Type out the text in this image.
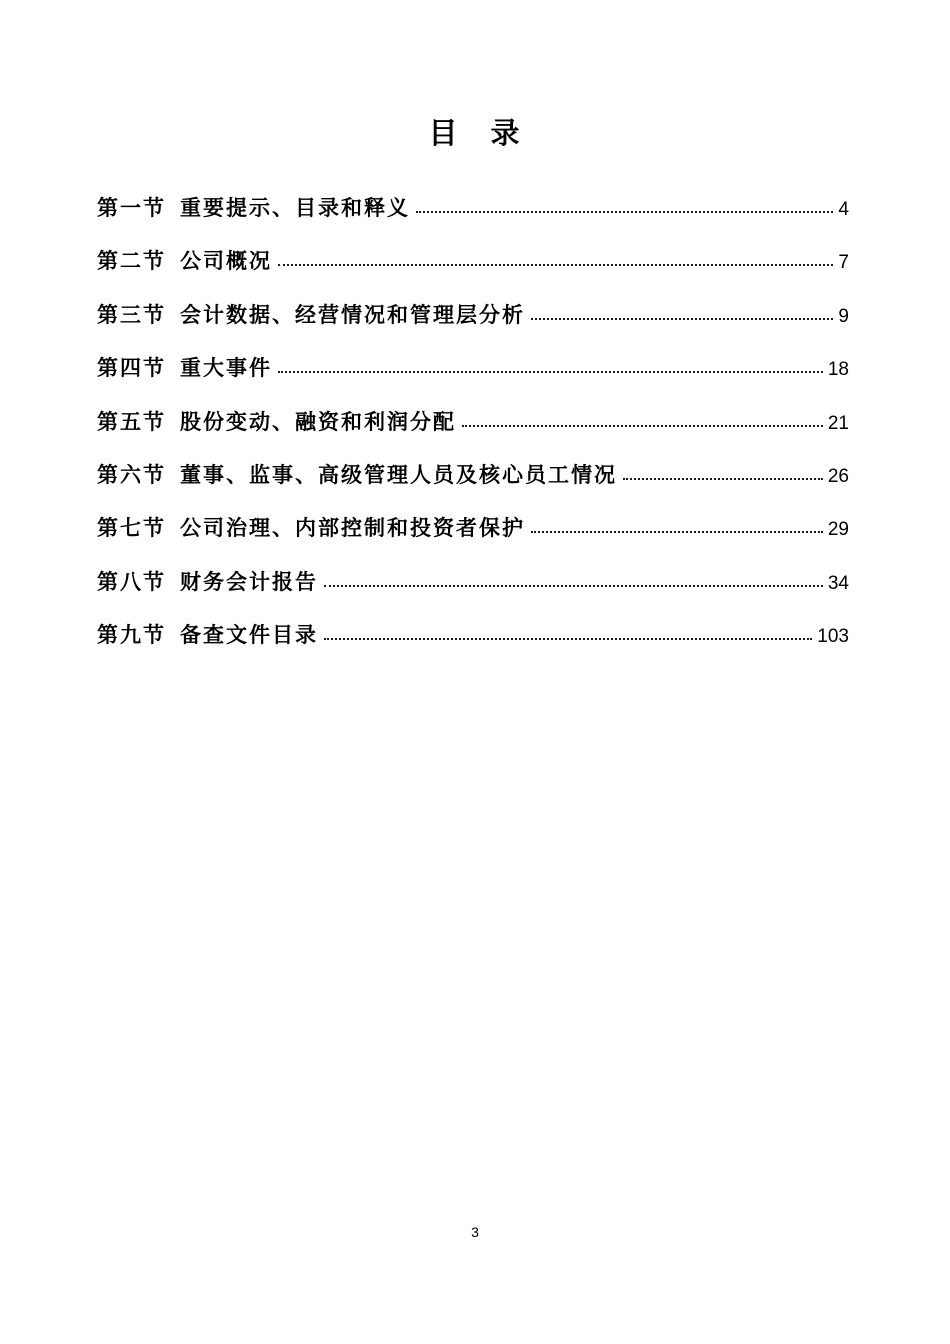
目　录
第一节 重要提示、目录和释义	4
第二节 公司概况	7
第三节 会计数据、经营情况和管理层分析	9
第四节 重大事件	18
第五节 股份变动、融资和利润分配	21
第六节 董事、监事、高级管理人员及核心员工情况	26
第七节 公司治理、内部控制和投资者保护	29
第八节 财务会计报告	34
第九节 备查文件目录	103
3
